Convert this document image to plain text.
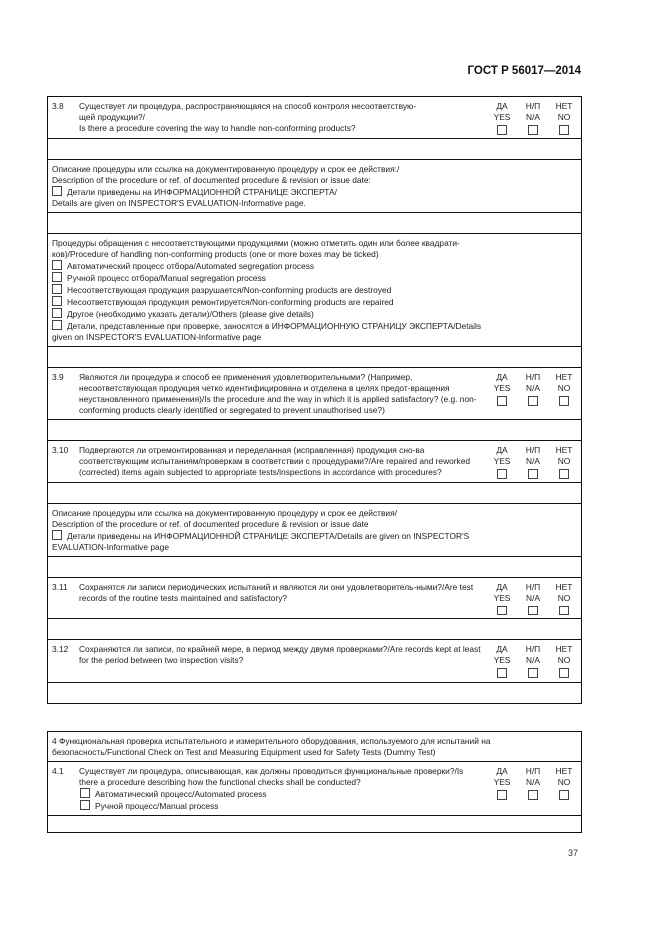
ГОСТ Р 56017—2014
3.8	Существует ли процедура, распространяющаяся на способ контроля несоответствую-
щей продукции?/
Is there a procedure covering the way to handle non-conforming products?
ДА
YES
Н/П
N/A
НЕТ
NO

Описание процедуры или ссылка на документированную процедуру и срок ее действия:/
Description of the procedure or ref. of documented procedure & revision or issue date:
Детали приведены на ИНФОРМАЦИОННОЙ СТРАНИЦЕ ЭКСПЕРТА/
Details are given on INSPECTOR'S EVALUATION-Informative page.

Процедуры обращения с несоответствующими продукциями (можно отметить один или более квадрати-
ков)/Procedure of handling non-conforming products (one or more boxes may be ticked)
Автоматический процесс отбора/Automated segregation process
Ручной процесс отбора/Manual segregation process
Несоответствующая продукция разрушается/Non-conforming products are destroyed
Несоответствующая продукция ремонтируется/Non-conforming products are repaired
Другое (необходимо указать детали)/Others (please give details)
Детали, представленные при проверке, заносятся в ИНФОРМАЦИОННУЮ СТРАНИЦУ ЭКСПЕРТА/Details
given on INSPECTOR'S EVALUATION-Informative page

3.9	Являются ли процедура и способ ее применения удовлетворительными? (Например, несоответствующая продукция четко идентифицирована и отделена в целях предот-вращения неустановленного применения)/Is the procedure and the way in which it is applied satisfactory? (e.g. non-conforming products clearly identified or segregated to prevent unauthorised use?)
ДА
YES
Н/П
N/A
НЕТ
NO

3.10	Подвергаются ли отремонтированная и переделанная (исправленная) продукция сно-ва соответствующим испытаниям/проверкам в соответствии с процедурами?/Are repaired and reworked (corrected) items again subjected to appropriate tests/inspections in accordance with procedures?
ДА
YES
Н/П
N/A
НЕТ
NO

Описание процедуры или ссылка на документированную процедуру и срок ее действия/
Description of the procedure or ref. of documented procedure & revision or issue date
Детали приведены на ИНФОРМАЦИОННОЙ СТРАНИЦЕ ЭКСПЕРТА/Details are given on INSPECTOR'S
EVALUATION-Informative page

3.11	Сохранятся ли записи периодических испытаний и являются ли они удовлетворитель-ными?/Are test records of the routine tests maintained and satisfactory?
ДА
YES
Н/П
N/A
НЕТ
NO

3.12	Сохраняются ли записи, по крайней мере, в период между двумя проверками?/Are records kept at least for the period between two inspection visits?
ДА
YES
Н/П
N/A
НЕТ
NO

4 Функциональная проверка испытательного и измерительного оборудования, используемого для испытаний на безопасность/Functional Check on Test and Measuring Equipment used for Safety Tests (Dummy Test)

4.1	Существует ли процедура, описывающая, как должны проводиться функциональные проверки?/Is there a procedure describing how the functional checks shall be conducted?
Автоматический процесс/Automated process
Ручной процесс/Manual process
ДА
YES
Н/П
N/A
НЕТ
NO

37
